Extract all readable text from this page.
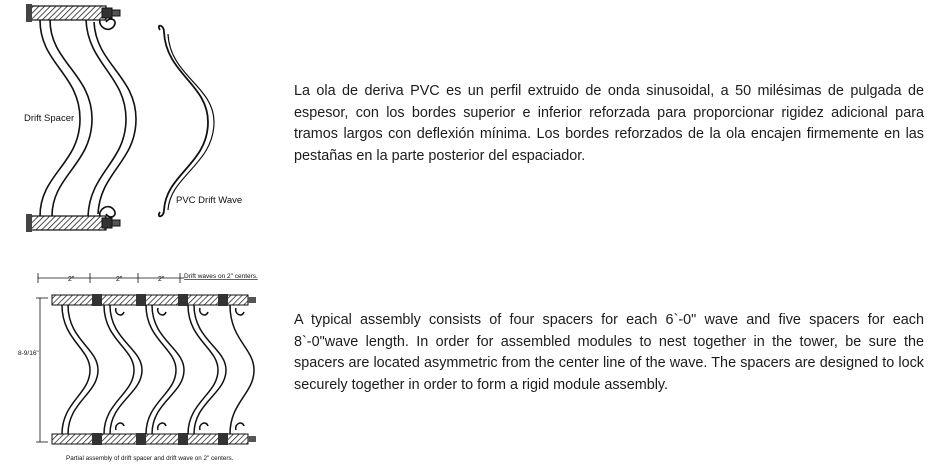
Drift Spacer
PVC Drift Wave

La ola de deriva PVC es un perfil extruido de onda sinusoidal, a 50 milésimas de pulgada de espesor, con los bordes superior e inferior reforzada para proporcionar rigidez adicional para tramos largos con deflexión mínima. Los bordes reforzados de la ola encajen firmemente en las pestañas en la parte posterior del espaciador.

2"	2"	2"	Drift waves on 2" centers.
8-9/16"
Partial assembly of drift spacer and drift wave on 2" centers.

A typical assembly consists of four spacers for each 6`-0" wave and five spacers for each 8`-0"wave length. In order for assembled modules to nest together in the tower, be sure the spacers are located asymmetric from the center line of the wave. The spacers are designed to lock securely together in order to form a rigid module assembly.
